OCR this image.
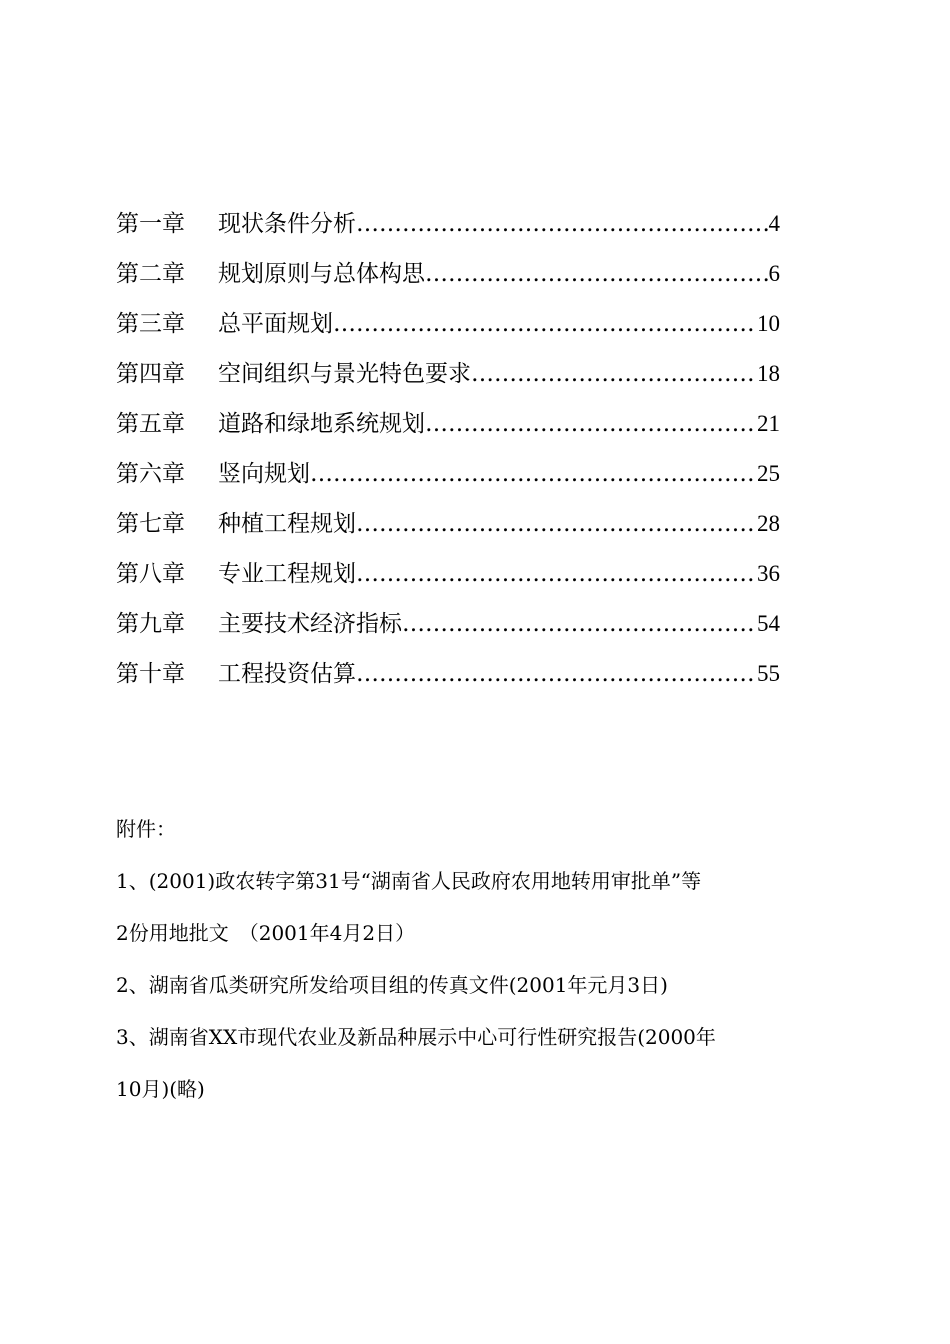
第一章	现状条件分析 …………………………………………………………………………………………………………………………	4
第二章	规划原则与总体构思 …………………………………………………………………………………………………………………………	6
第三章	总平面规划 …………………………………………………………………………………………………………………………	10
第四章	空间组织与景光特色要求 …………………………………………………………………………………………………………………………	18
第五章	道路和绿地系统规划 …………………………………………………………………………………………………………………………	21
第六章	竖向规划 …………………………………………………………………………………………………………………………	25
第七章	种植工程规划 …………………………………………………………………………………………………………………………	28
第八章	专业工程规划 …………………………………………………………………………………………………………………………	36
第九章	主要技术经济指标 …………………………………………………………………………………………………………………………	54
第十章	工程投资估算 …………………………………………………………………………………………………………………………	55

附件：

1、(2001)政农转字第31号“湖南省人民政府农用地转用审批单”等

2份用地批文　（2001年4月2日）

2、湖南省瓜类研究所发给项目组的传真文件(2001年元月3日)

3、湖南省XX市现代农业及新品种展示中心可行性研究报告(2000年

10月)(略)
